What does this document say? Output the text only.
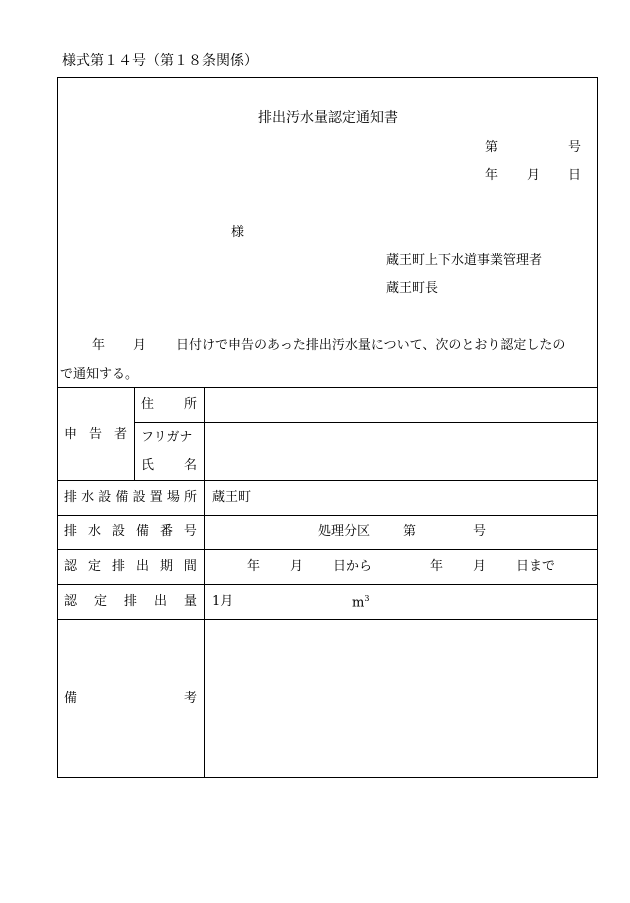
様式第１４号（第１８条関係）
排出汚水量認定通知書
第	号
年 月 日
様
蔵王町上下水道事業管理者
蔵王町長
年 月 日付けで申告のあった排出汚水量について、次のとおり認定したの
で通知する。
申 告 者
住 所
フリガナ
氏 名
排 水 設 備 設 置 場 所 蔵王町
排 水 設 備 番 号	処理分区	第	号
認 定 排 出 期 間	年 月 日から	年 月 日まで
認 定 排 出 量 1月	$m^3$
備	考
